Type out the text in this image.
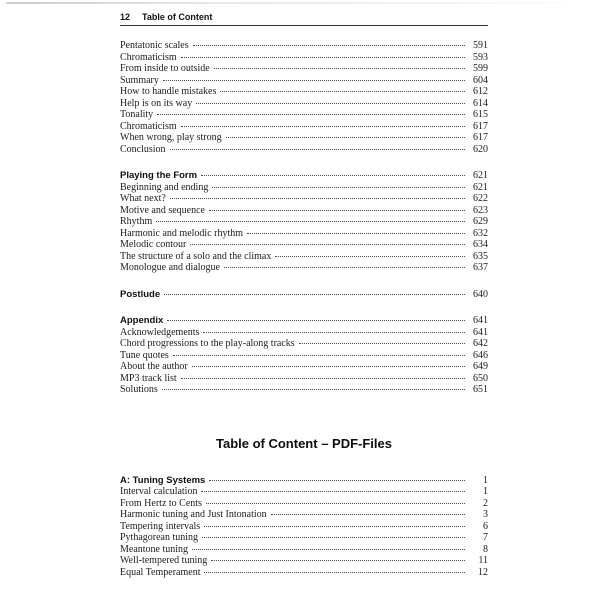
12 Table of Content
Pentatonic scales	591
Chromaticism	593
From inside to outside	599
Summary	604
How to handle mistakes	612
Help is on its way	614
Tonality	615
Chromaticism	617
When wrong, play strong	617
Conclusion	620
Playing the Form	621
Beginning and ending	621
What next?	622
Motive and sequence	623
Rhythm	629
Harmonic and melodic rhythm	632
Melodic contour	634
The structure of a solo and the climax	635
Monologue and dialogue	637
Postlude	640
Appendix	641
Acknowledgements	641
Chord progressions to the play-along tracks	642
Tune quotes	646
About the author	649
MP3 track list	650
Solutions	651
Table of Content – PDF-Files
A: Tuning Systems	1
Interval calculation	1
From Hertz to Cents	2
Harmonic tuning and Just Intonation	3
Tempering intervals	6
Pythagorean tuning	7
Meantone tuning	8
Well-tempered tuning	11
Equal Temperament	12
